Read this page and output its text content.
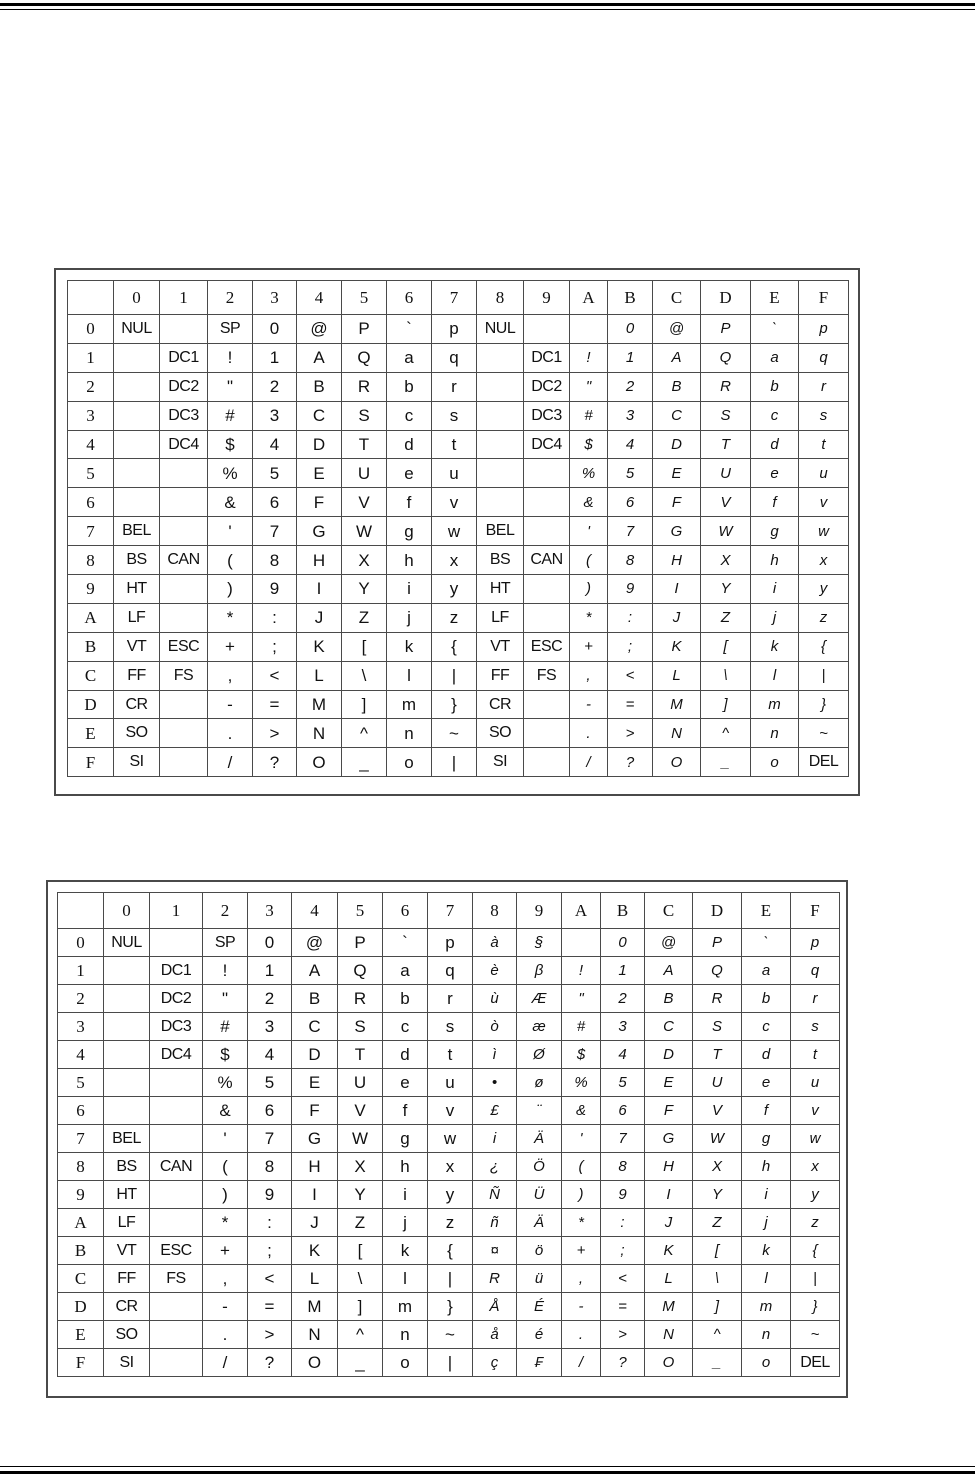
	0	1	2	3	4	5	6	7	8	9	A	B	C	D	E	F
0	NUL		SP	0	@	P	`	p	NUL			0	@	P	`	p
1		DC1	!	1	A	Q	a	q		DC1	!	1	A	Q	a	q
2		DC2	"	2	B	R	b	r		DC2	"	2	B	R	b	r
3		DC3	#	3	C	S	c	s		DC3	#	3	C	S	c	s
4		DC4	$	4	D	T	d	t		DC4	$	4	D	T	d	t
5			%	5	E	U	e	u			%	5	E	U	e	u
6			&	6	F	V	f	v			&	6	F	V	f	v
7	BEL		'	7	G	W	g	w	BEL		'	7	G	W	g	w
8	BS	CAN	(	8	H	X	h	x	BS	CAN	(	8	H	X	h	x
9	HT		)	9	I	Y	i	y	HT		)	9	I	Y	i	y
A	LF		*	:	J	Z	j	z	LF		*	:	J	Z	j	z
B	VT	ESC	+	;	K	[	k	{	VT	ESC	+	;	K	[	k	{
C	FF	FS	,	<	L	\	l	|	FF	FS	,	<	L	\	l	|
D	CR		-	=	M	]	m	}	CR		-	=	M	]	m	}
E	SO		.	>	N	^	n	~	SO		.	>	N	^	n	~
F	SI		/	?	O	_	o	|	SI		/	?	O	_	o	DEL
	0	1	2	3	4	5	6	7	8	9	A	B	C	D	E	F
0	NUL		SP	0	@	P	`	p	à	§		0	@	P	`	p
1		DC1	!	1	A	Q	a	q	è	β	!	1	A	Q	a	q
2		DC2	"	2	B	R	b	r	ù	Æ	"	2	B	R	b	r
3		DC3	#	3	C	S	c	s	ò	æ	#	3	C	S	c	s
4		DC4	$	4	D	T	d	t	ì	Ø	$	4	D	T	d	t
5			%	5	E	U	e	u	•	ø	%	5	E	U	e	u
6			&	6	F	V	f	v	£	¨	&	6	F	V	f	v
7	BEL		'	7	G	W	g	w	i	Ä	'	7	G	W	g	w
8	BS	CAN	(	8	H	X	h	x	¿	Ö	(	8	H	X	h	x
9	HT		)	9	I	Y	i	y	Ñ	Ü	)	9	I	Y	i	y
A	LF		*	:	J	Z	j	z	ñ	Ä	*	:	J	Z	j	z
B	VT	ESC	+	;	K	[	k	{	¤	ö	+	;	K	[	k	{
C	FF	FS	,	<	L	\	l	|	R	ü	,	<	L	\	l	|
D	CR		-	=	M	]	m	}	Å	É	-	=	M	]	m	}
E	SO		.	>	N	^	n	~	å	é	.	>	N	^	n	~
F	SI		/	?	O	_	o	|	ç	₣	/	?	O	_	o	DEL
